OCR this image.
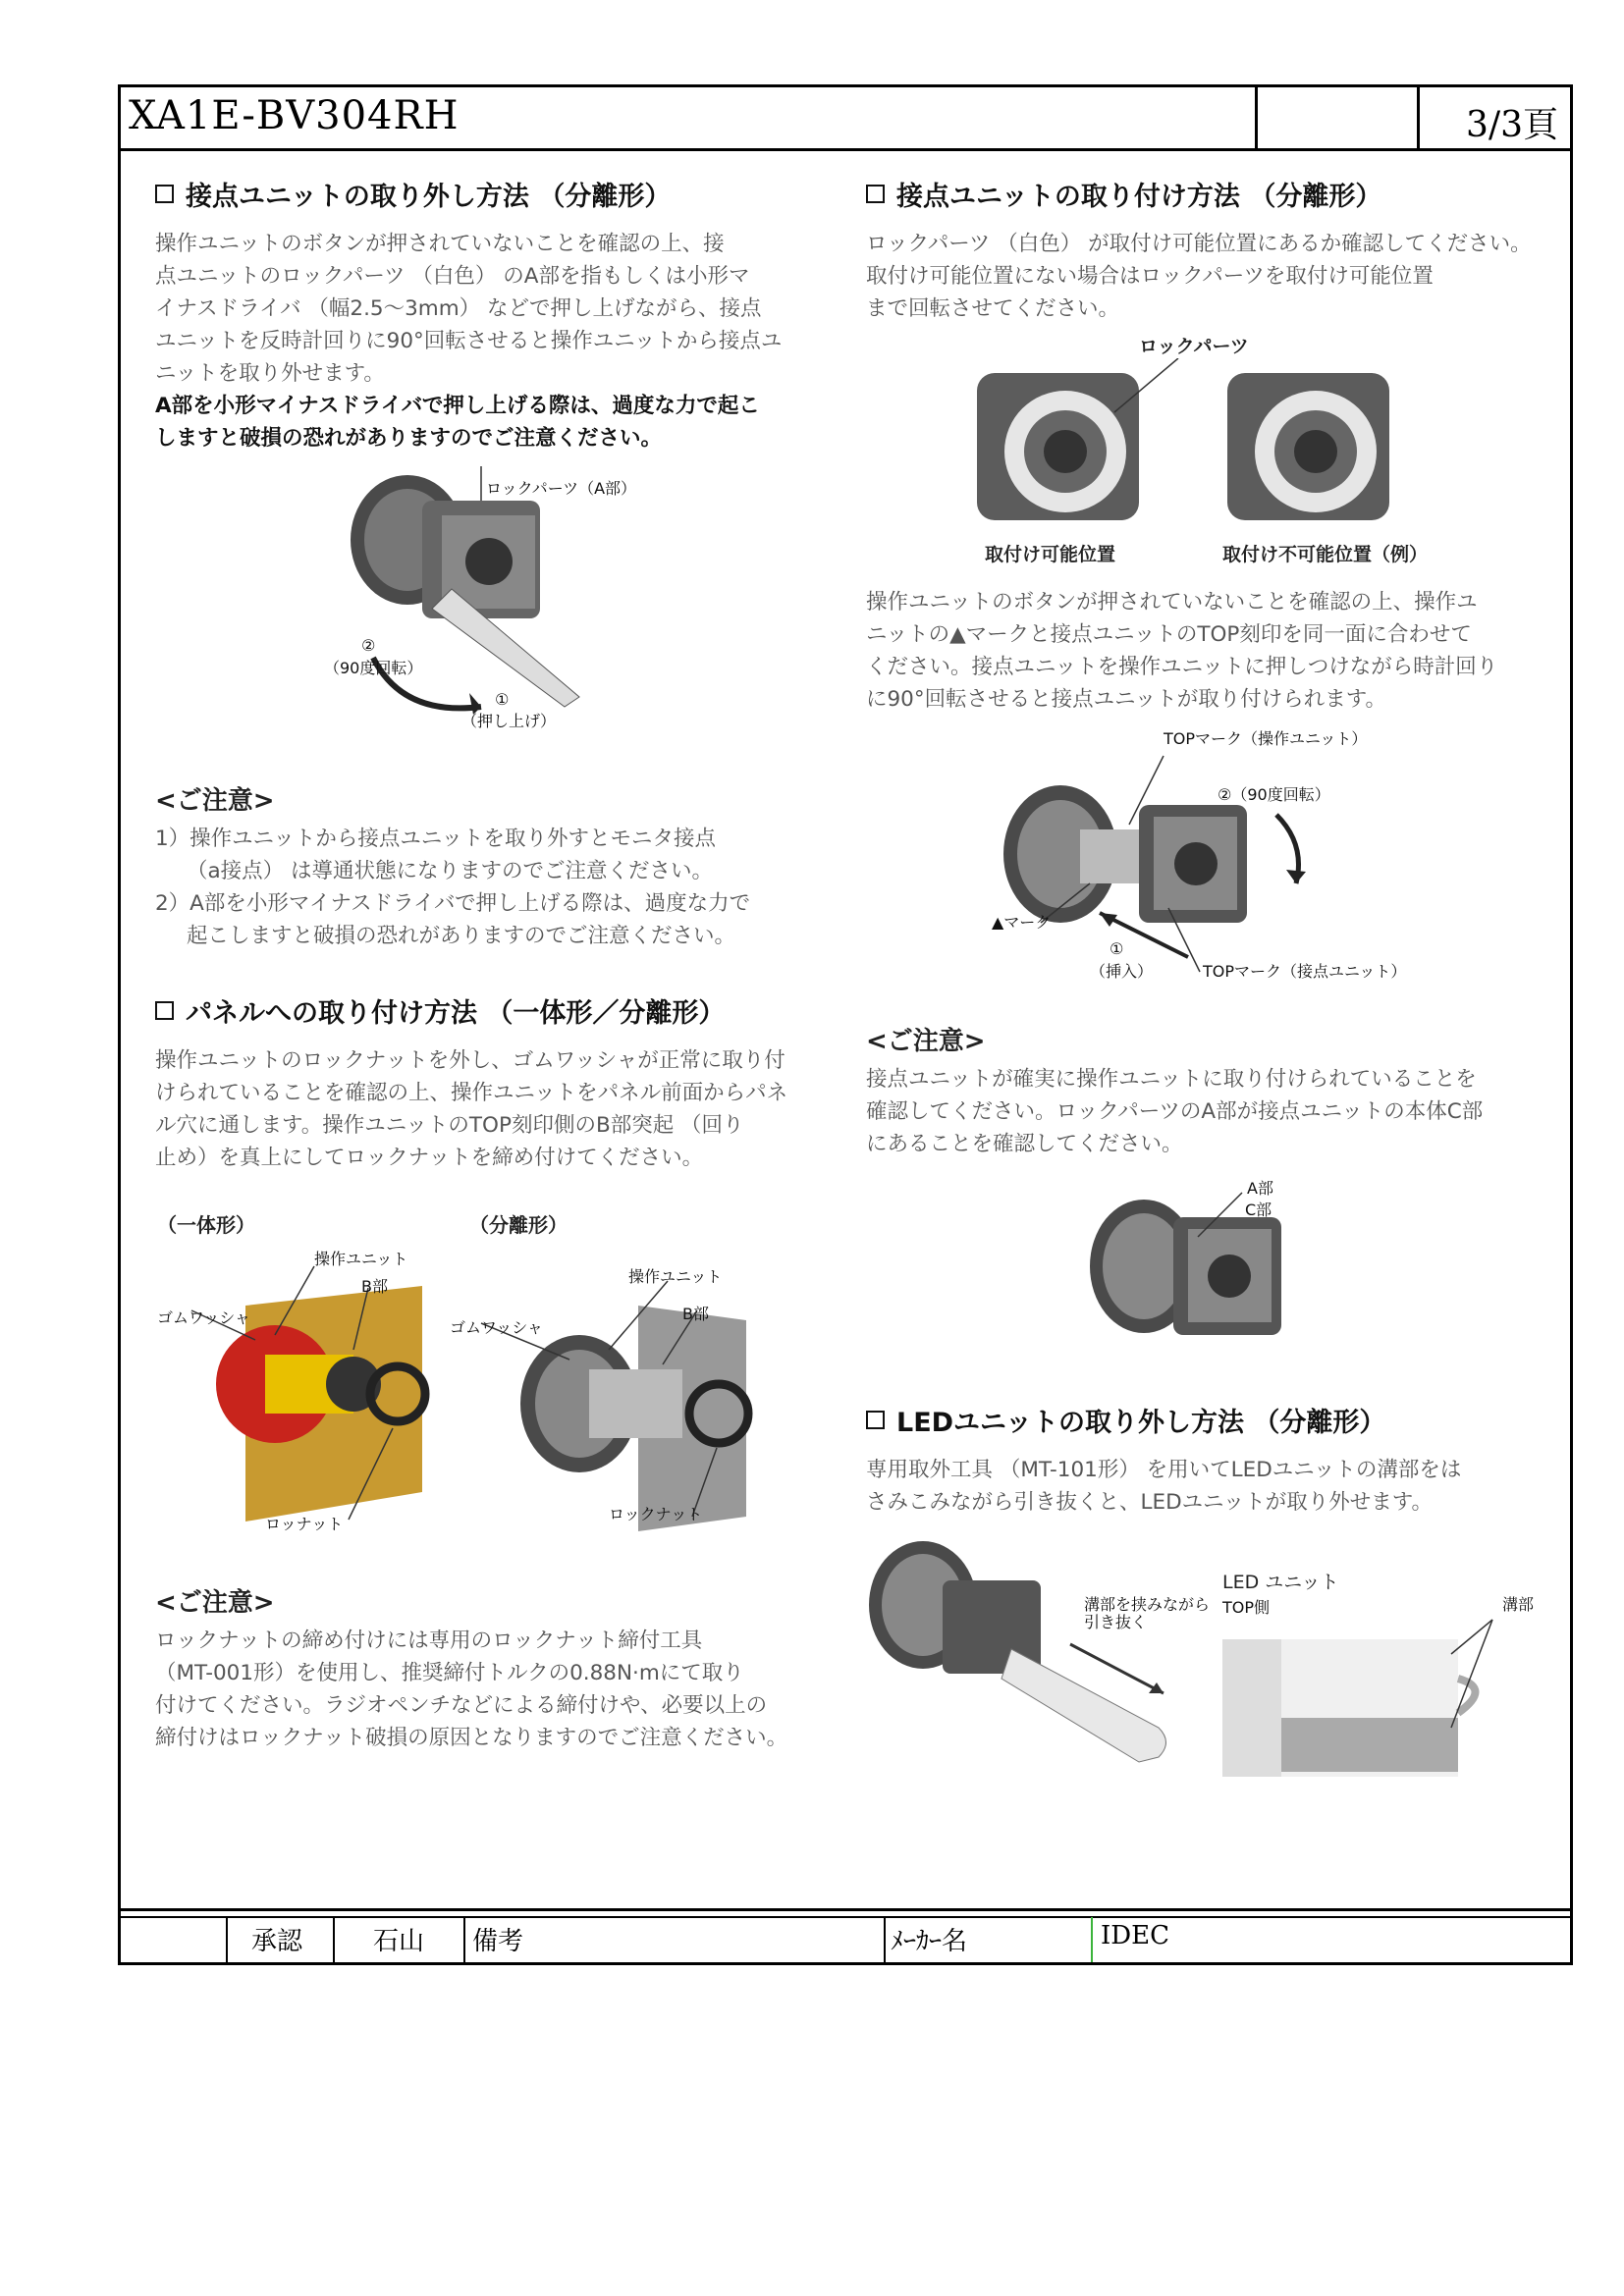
XA1E-BV304RH	3/3頁
承認	石山 備考	ﾒｰｶｰ名	IDEC
接点ユニットの取り外し方法 （分離形）
操作ユニットのボタンが押されていないことを確認の上、接
点ユニットのロックパーツ （白色） のA部を指もしくは小形マ
イナスドライバ （幅2.5～3mm） などで押し上げながら、接点
ユニットを反時計回りに90°回転させると操作ユニットから接点ユ
ニットを取り外せます。
A部を小形マイナスドライバで押し上げる際は、過度な力で起こ
しますと破損の恐れがありますのでご注意ください。
ロックパーツ（A部）
②
（90度回転）
①
（押し上げ）
<ご注意>
1）操作ユニットから接点ユニットを取り外すとモニタ接点
（a接点） は導通状態になりますのでご注意ください。
2）A部を小形マイナスドライバで押し上げる際は、過度な力で
起こしますと破損の恐れがありますのでご注意ください。
パネルへの取り付け方法 （一体形／分離形）
操作ユニットのロックナットを外し、ゴムワッシャが正常に取り付
けられていることを確認の上、操作ユニットをパネル前面からパネ
ル穴に通します。操作ユニットのTOP刻印側のB部突起 （回り
止め）を真上にしてロックナットを締め付けてください。
（一体形）	（分離形）
操作ユニット
B部
ゴムワッシャ
ロッナット
操作ユニット
B部
ゴムワッシャ
ロックナット
<ご注意>
ロックナットの締め付けには専用のロックナット締付工具
（MT-001形）を使用し、推奨締付トルクの0.88N·mにて取り
付けてください。ラジオペンチなどによる締付けや、必要以上の
締付けはロックナット破損の原因となりますのでご注意ください。
接点ユニットの取り付け方法 （分離形）
ロックパーツ （白色） が取付け可能位置にあるか確認してください。
取付け可能位置にない場合はロックパーツを取付け可能位置
まで回転させてください。
ロックパーツ
取付け可能位置	取付け不可能位置（例）
操作ユニットのボタンが押されていないことを確認の上、操作ユ
ニットの▲マークと接点ユニットのTOP刻印を同一面に合わせて
ください。接点ユニットを操作ユニットに押しつけながら時計回り
に90°回転させると接点ユニットが取り付けられます。
TOPマーク（操作ユニット）
②（90度回転）
▲マーク
①
（挿入）	TOPマーク（接点ユニット）
<ご注意>
接点ユニットが確実に操作ユニットに取り付けられていることを
確認してください。ロックパーツのA部が接点ユニットの本体C部
にあることを確認してください。
A部
C部
LEDユニットの取り外し方法 （分離形）
専用取外工具 （MT-101形） を用いてLEDユニットの溝部をは
さみこみながら引き抜くと、LEDユニットが取り外せます。
LED ユニット
TOP側	溝部
溝部を挟みながら
引き抜く
